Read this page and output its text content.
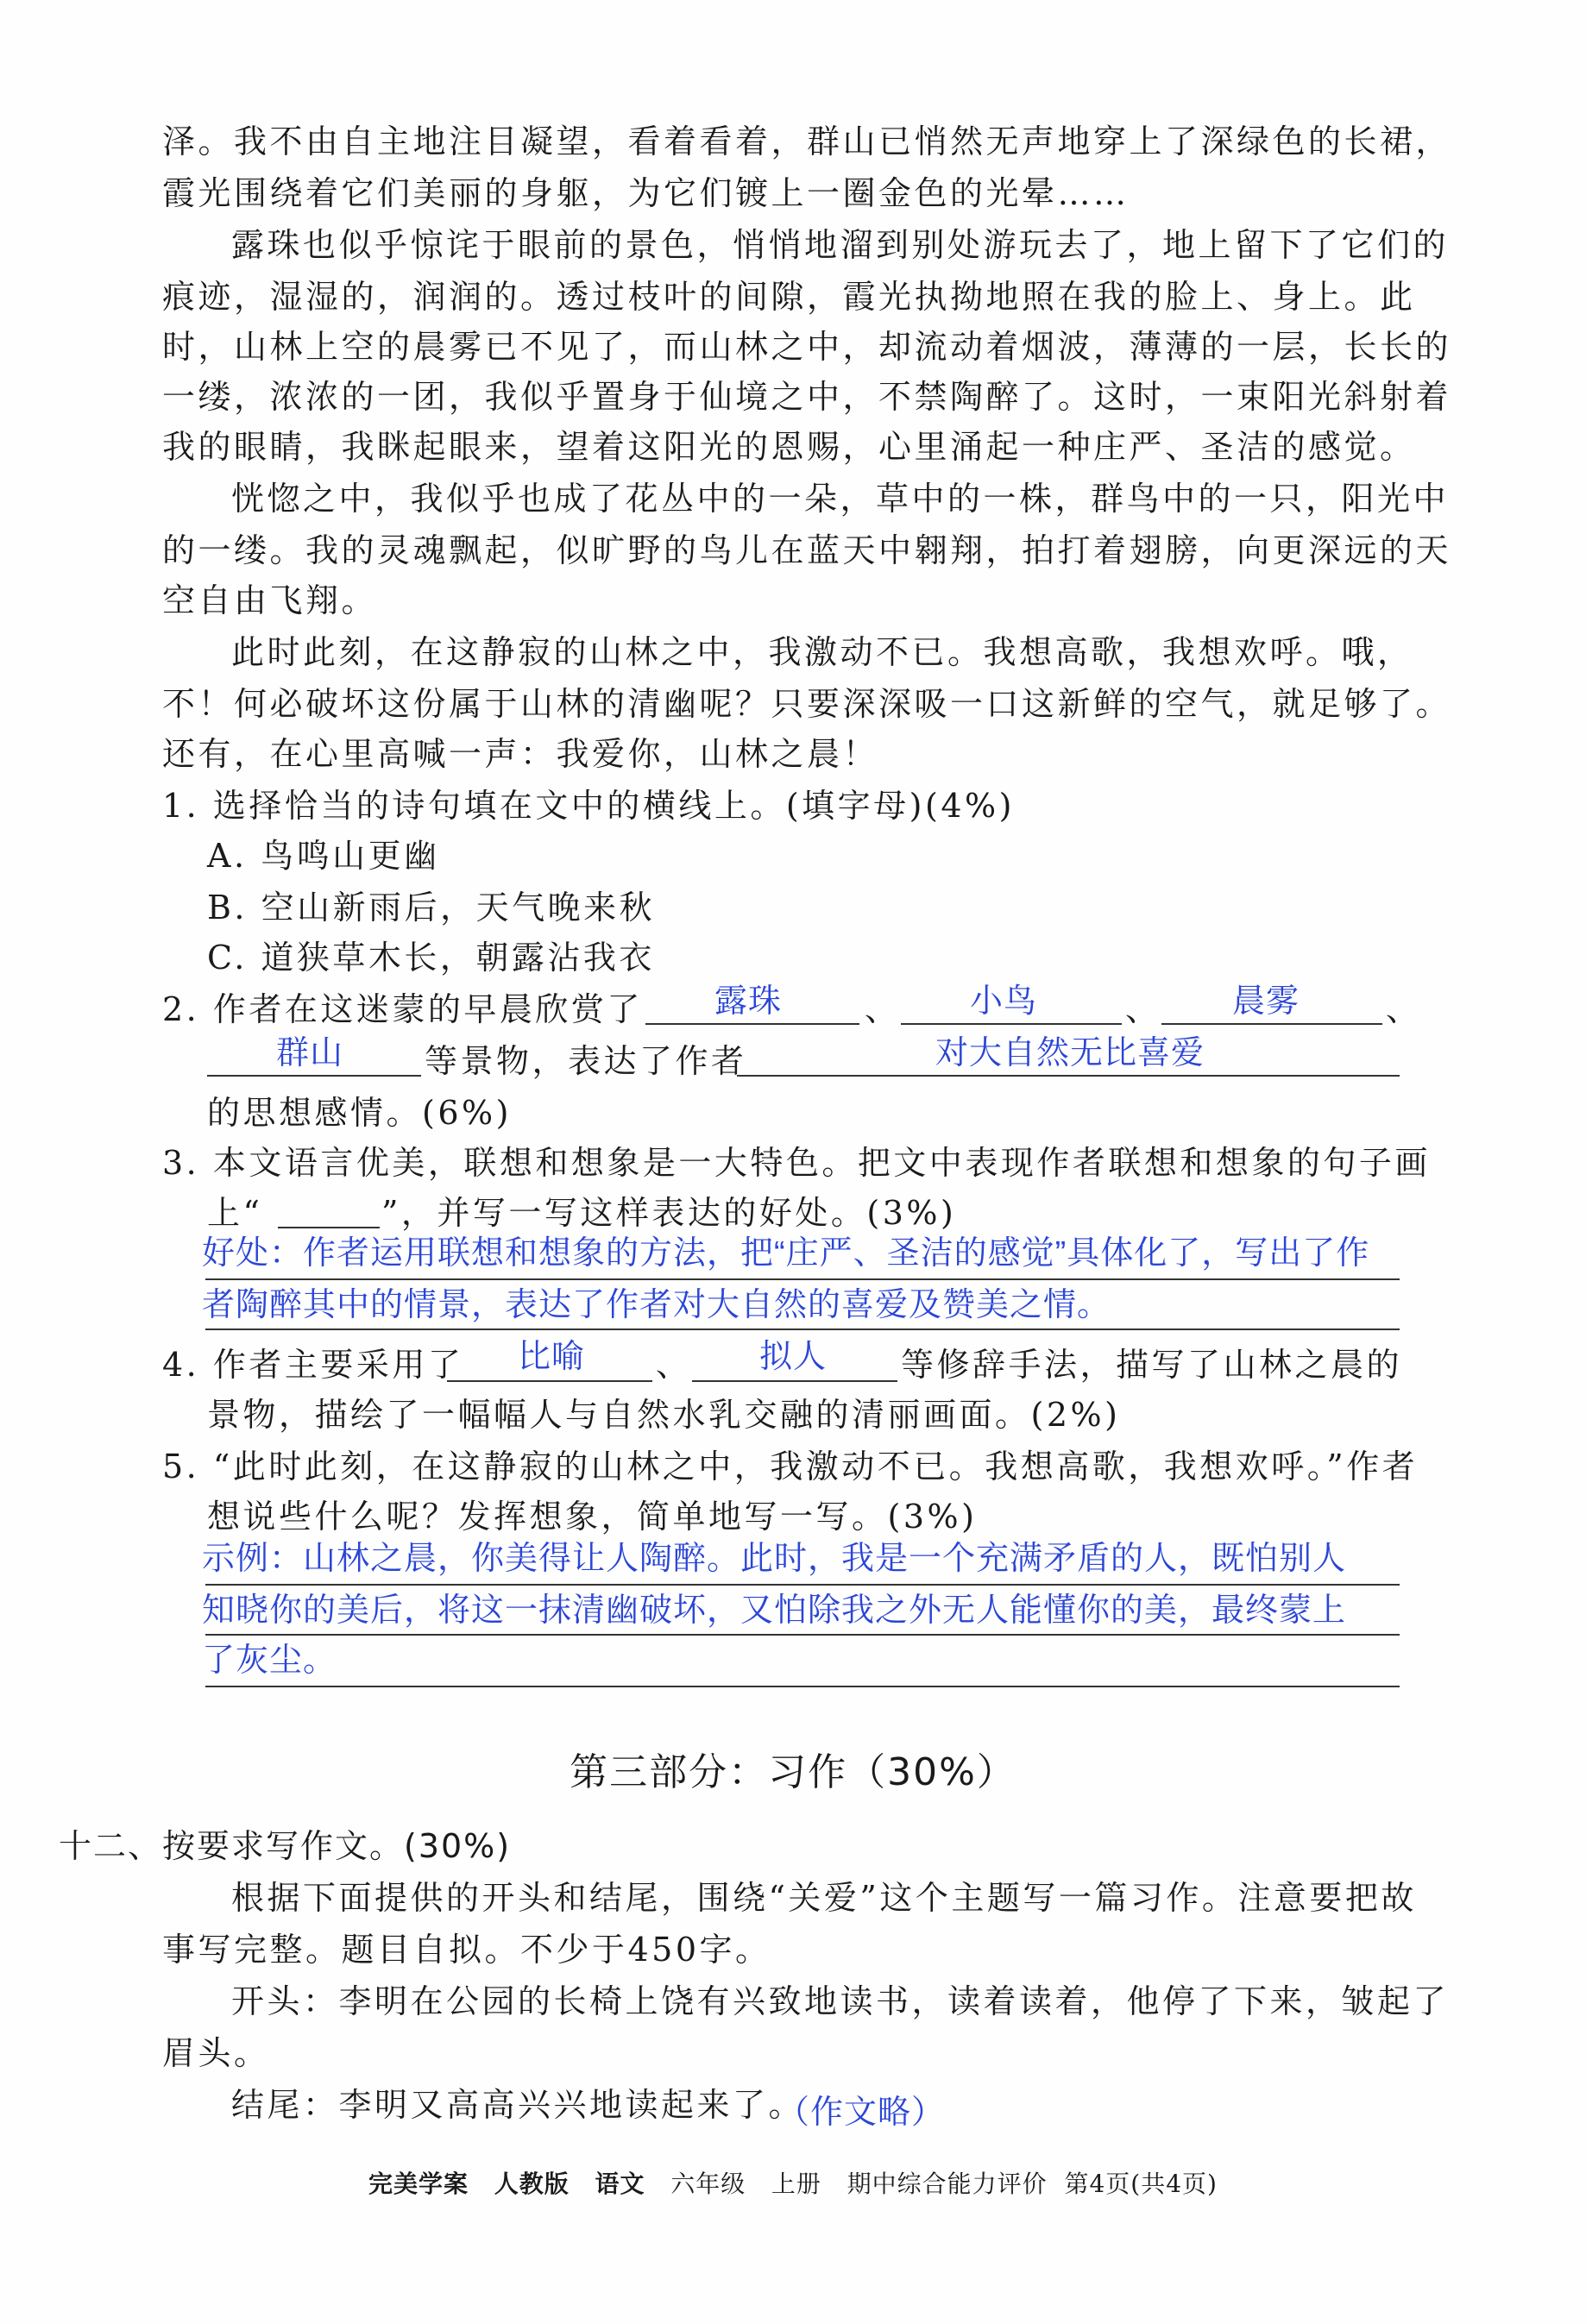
泽。我不由自主地注目凝望，看着看着，群山已悄然无声地穿上了深绿色的长裙，
霞光围绕着它们美丽的身躯，为它们镀上一圈金色的光晕……
露珠也似乎惊诧于眼前的景色，悄悄地溜到别处游玩去了，地上留下了它们的
痕迹，湿湿的，润润的。透过枝叶的间隙，霞光执拗地照在我的脸上、身上。此
时，山林上空的晨雾已不见了，而山林之中，却流动着烟波，薄薄的一层，长长的
一缕，浓浓的一团，我似乎置身于仙境之中，不禁陶醉了。这时，一束阳光斜射着
我的眼睛，我眯起眼来，望着这阳光的恩赐，心里涌起一种庄严、圣洁的感觉。
恍惚之中，我似乎也成了花丛中的一朵，草中的一株，群鸟中的一只，阳光中
的一缕。我的灵魂飘起，似旷野的鸟儿在蓝天中翱翔，拍打着翅膀，向更深远的天
空自由飞翔。
此时此刻，在这静寂的山林之中，我激动不已。我想高歌，我想欢呼。哦，
不！何必破坏这份属于山林的清幽呢？只要深深吸一口这新鲜的空气，就足够了。
还有，在心里高喊一声：我爱你，山林之晨！
1. 选择恰当的诗句填在文中的横线上。(填字母)(4%)
A. 鸟鸣山更幽
B. 空山新雨后，天气晚来秋
C. 道狭草木长，朝露沾我衣
2. 作者在这迷蒙的早晨欣赏了 露珠	、 小鸟	、 晨雾	、
群山 等景物，表达了作者	对大自然无比喜爱
的思想感情。(6%)
3. 本文语言优美，联想和想象是一大特色。把文中表现作者联想和想象的句子画
上“	”，并写一写这样表达的好处。(3%)
好处：作者运用联想和想象的方法，把“庄严、圣洁的感觉”具体化了，写出了作
者陶醉其中的情景，表达了作者对大自然的喜爱及赞美之情。
4. 作者主要采用了 比喻 、 拟人 等修辞手法，描写了山林之晨的
景物，描绘了一幅幅人与自然水乳交融的清丽画面。(2%)
5. “此时此刻，在这静寂的山林之中，我激动不已。我想高歌，我想欢呼。”作者
想说些什么呢？发挥想象，简单地写一写。(3%)
示例：山林之晨，你美得让人陶醉。此时，我是一个充满矛盾的人，既怕别人
知晓你的美后，将这一抹清幽破坏，又怕除我之外无人能懂你的美，最终蒙上
了灰尘。
第三部分：习作（30%）
十二、按要求写作文。(30%)
根据下面提供的开头和结尾，围绕“关爱”这个主题写一篇习作。注意要把故
事写完整。题目自拟。不少于450字。
开头：李明在公园的长椅上饶有兴致地读书，读着读着，他停了下来，皱起了
眉头。
结尾：李明又高高兴兴地读起来了。
（作文略）
完美学案 人教版 语文 六年级 上册 期中综合能力评价 第4页(共4页)
